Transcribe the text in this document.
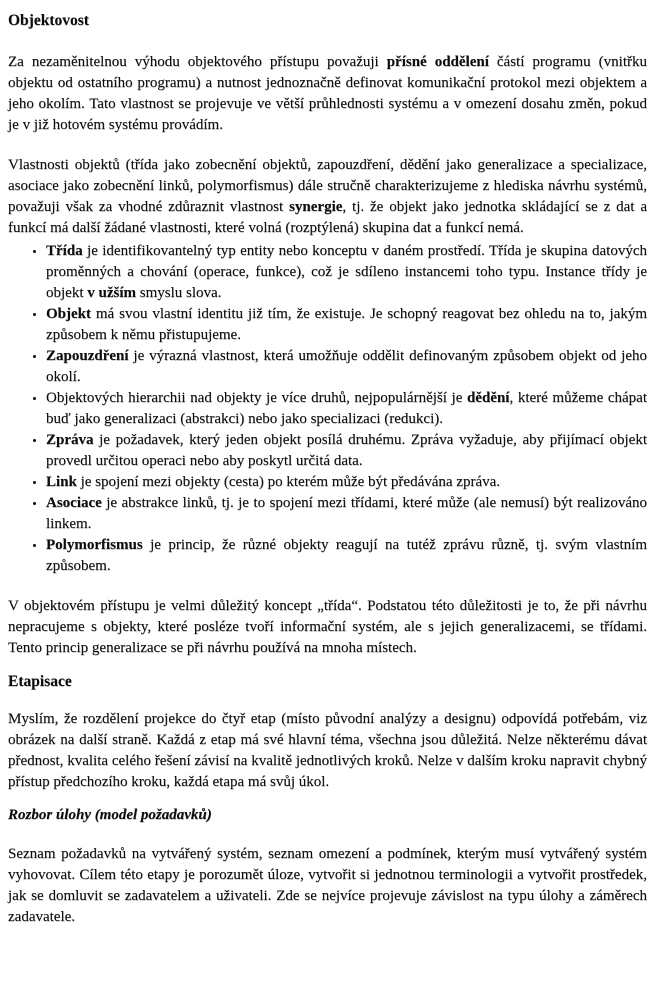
Objektovost

Za nezaměnitelnou výhodu objektového přístupu považuji přísné oddělení částí programu (vnitřku objektu od ostatního programu) a nutnost jednoznačně definovat komunikační protokol mezi objektem a jeho okolím. Tato vlastnost se projevuje ve větší průhlednosti systému a v omezení dosahu změn, pokud je v již hotovém systému provádím.

Vlastnosti objektů (třída jako zobecnění objektů, zapouzdření, dědění jako generalizace a specializace, asociace jako zobecnění linků, polymorfismus) dále stručně charakterizujeme z hlediska návrhu systémů, považuji však za vhodné zdůraznit vlastnost synergie, tj. že objekt jako jednotka skládající se z dat a funkcí má další žádané vlastnosti, které volná (rozptýlená) skupina dat a funkcí nemá.

• Třída je identifikovantelný typ entity nebo konceptu v daném prostředí. Třída je skupina datových proměnných a chování (operace, funkce), což je sdíleno instancemi toho typu. Instance třídy je objekt v užším smyslu slova.
• Objekt má svou vlastní identitu již tím, že existuje. Je schopný reagovat bez ohledu na to, jakým způsobem k němu přistupujeme.
• Zapouzdření je výrazná vlastnost, která umožňuje oddělit definovaným způsobem objekt od jeho okolí.
• Objektových hierarchii nad objekty je více druhů, nejpopulárnější je dědění, které můžeme chápat buď jako generalizaci (abstrakci) nebo jako specializaci (redukci).
• Zpráva je požadavek, který jeden objekt posílá druhému. Zpráva vyžaduje, aby přijímací objekt provedl určitou operaci nebo aby poskytl určitá data.
• Link je spojení mezi objekty (cesta) po kterém může být předávána zpráva.
• Asociace je abstrakce linků, tj. je to spojení mezi třídami, které může (ale nemusí) být realizováno linkem.
• Polymorfismus je princip, že různé objekty reagují na tutéž zprávu různě, tj. svým vlastním způsobem.

V objektovém přístupu je velmi důležitý koncept „třída“. Podstatou této důležitosti je to, že při návrhu nepracujeme s objekty, které posléze tvoří informační systém, ale s jejich generalizacemi, se třídami. Tento princip generalizace se při návrhu používá na mnoha místech.

Etapisace

Myslím, že rozdělení projekce do čtyř etap (místo původní analýzy a designu) odpovídá potřebám, viz obrázek na další straně. Každá z etap má své hlavní téma, všechna jsou důležitá. Nelze některému dávat přednost, kvalita celého řešení závisí na kvalitě jednotlivých kroků. Nelze v dalším kroku napravit chybný přístup předchozího kroku, každá etapa má svůj úkol.

Rozbor úlohy (model požadavků)

Seznam požadavků na vytvářený systém, seznam omezení a podmínek, kterým musí vytvářený systém vyhovovat. Cílem této etapy je porozumět úloze, vytvořit si jednotnou terminologii a vytvořit prostředek, jak se domluvit se zadavatelem a uživateli. Zde se nejvíce projevuje závislost na typu úlohy a záměrech zadavatele.
